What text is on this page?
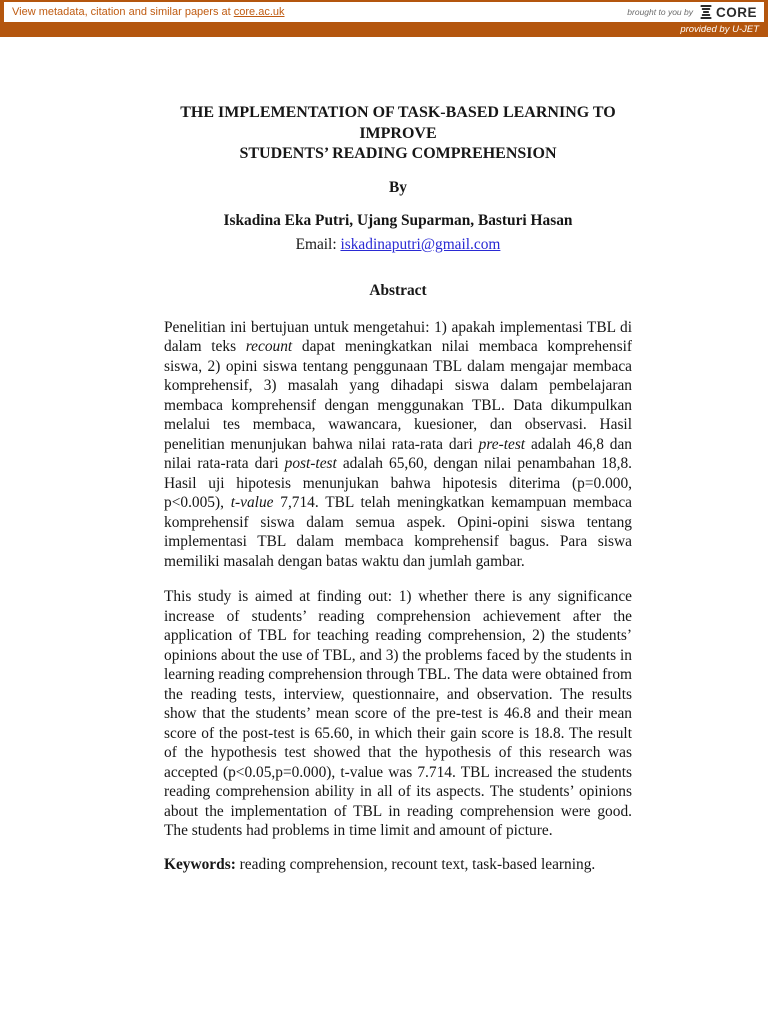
View metadata, citation and similar papers at core.ac.uk	brought to you by CORE
provided by U-JET
THE IMPLEMENTATION OF TASK-BASED LEARNING TO IMPROVE
STUDENTS’ READING COMPREHENSION
By
Iskadina Eka Putri, Ujang Suparman, Basturi Hasan
Email: iskadinaputri@gmail.com
Abstract
Penelitian ini bertujuan untuk mengetahui: 1) apakah implementasi TBL di dalam teks recount dapat meningkatkan nilai membaca komprehensif siswa, 2) opini siswa tentang penggunaan TBL dalam mengajar membaca komprehensif, 3) masalah yang dihadapi siswa dalam pembelajaran membaca komprehensif dengan menggunakan TBL. Data dikumpulkan melalui tes membaca, wawancara, kuesioner, dan observasi. Hasil penelitian menunjukan bahwa nilai rata-rata dari pre-test adalah 46,8 dan nilai rata-rata dari post-test adalah 65,60, dengan nilai penambahan 18,8. Hasil uji hipotesis menunjukan bahwa hipotesis diterima (p=0.000, p<0.005), t-value 7,714. TBL telah meningkatkan kemampuan membaca komprehensif siswa dalam semua aspek. Opini-opini siswa tentang implementasi TBL dalam membaca komprehensif bagus. Para siswa memiliki masalah dengan batas waktu dan jumlah gambar.
This study is aimed at finding out: 1) whether there is any significance increase of students’ reading comprehension achievement after the application of TBL for teaching reading comprehension, 2) the students’ opinions about the use of TBL, and 3) the problems faced by the students in learning reading comprehension through TBL. The data were obtained from the reading tests, interview, questionnaire, and observation. The results show that the students’ mean score of the pre-test is 46.8 and their mean score of the post-test is 65.60, in which their gain score is 18.8. The result of the hypothesis test showed that the hypothesis of this research was accepted (p<0.05,p=0.000), t-value was 7.714. TBL increased the students reading comprehension ability in all of its aspects. The students’ opinions about the implementation of TBL in reading comprehension were good. The students had problems in time limit and amount of picture.
Keywords: reading comprehension, recount text, task-based learning.
